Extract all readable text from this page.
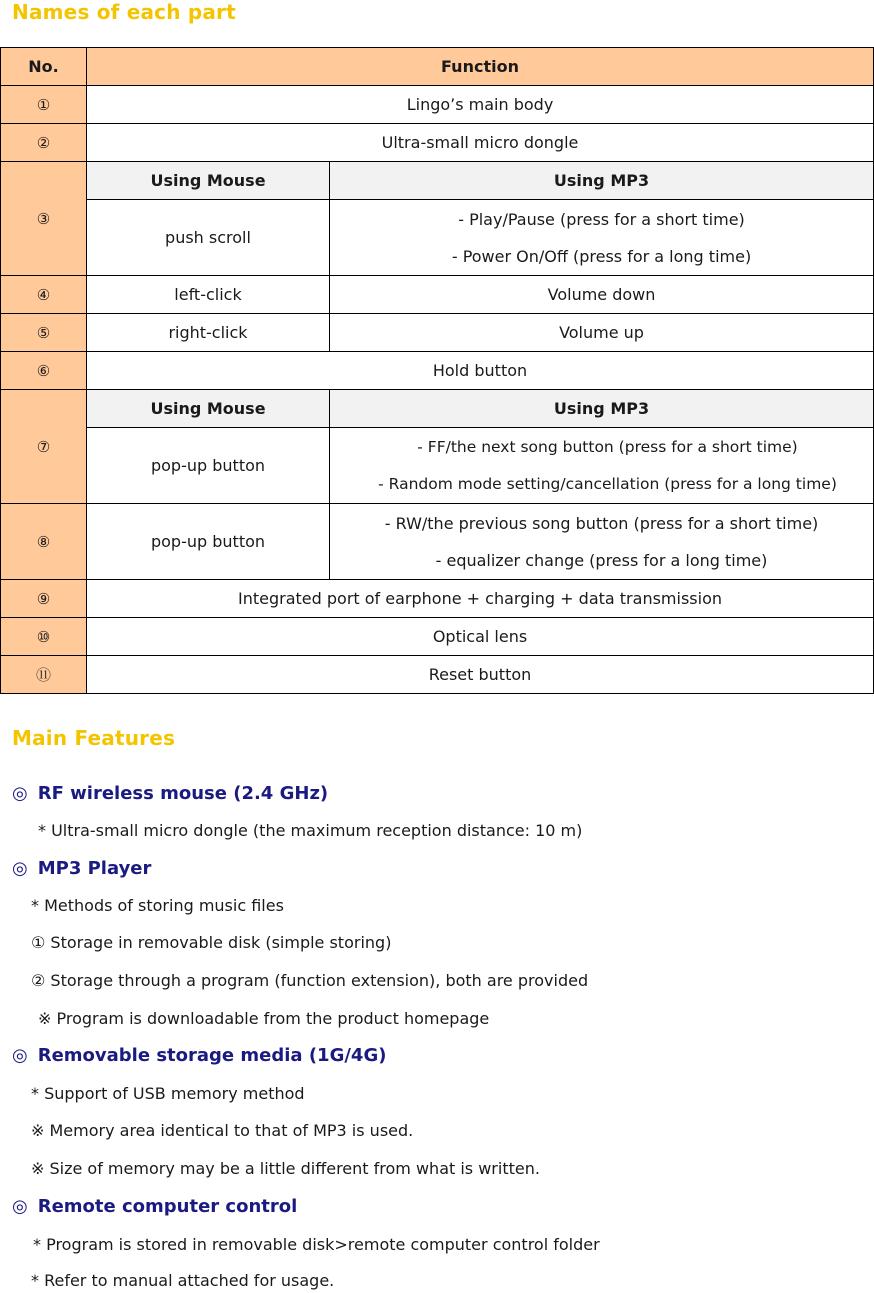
Names of each part
No.	Function	
①	Lingo’s main body	
②	Ultra-small micro dongle	
③	Using Mouse	Using MP3
	push scroll	- Play/Pause (press for a short time)
- Power On/Off (press for a long time)

④	left-click	Volume down
⑤	right-click	Volume up
⑥	Hold button	
⑦	Using Mouse	Using MP3
	pop-up button	- FF/the next song button (press for a short time)
- Random mode setting/cancellation (press for a long time)

⑧	pop-up button	- RW/the previous song button (press for a short time)
- equalizer change (press for a long time)

⑨	Integrated port of earphone + charging + data transmission	
⑩	Optical lens	
⑪	Reset button	
Main Features
◎ RF wireless mouse (2.4 GHz)

* Ultra-small micro dongle (the maximum reception distance: 10 m)

◎ MP3 Player

* Methods of storing music files

① Storage in removable disk (simple storing)

② Storage through a program (function extension), both are provided

※ Program is downloadable from the product homepage

◎ Removable storage media (1G/4G)

* Support of USB memory method

※ Memory area identical to that of MP3 is used.

※ Size of memory may be a little different from what is written.

◎ Remote computer control

* Program is stored in removable disk>remote computer control folder

* Refer to manual attached for usage.
